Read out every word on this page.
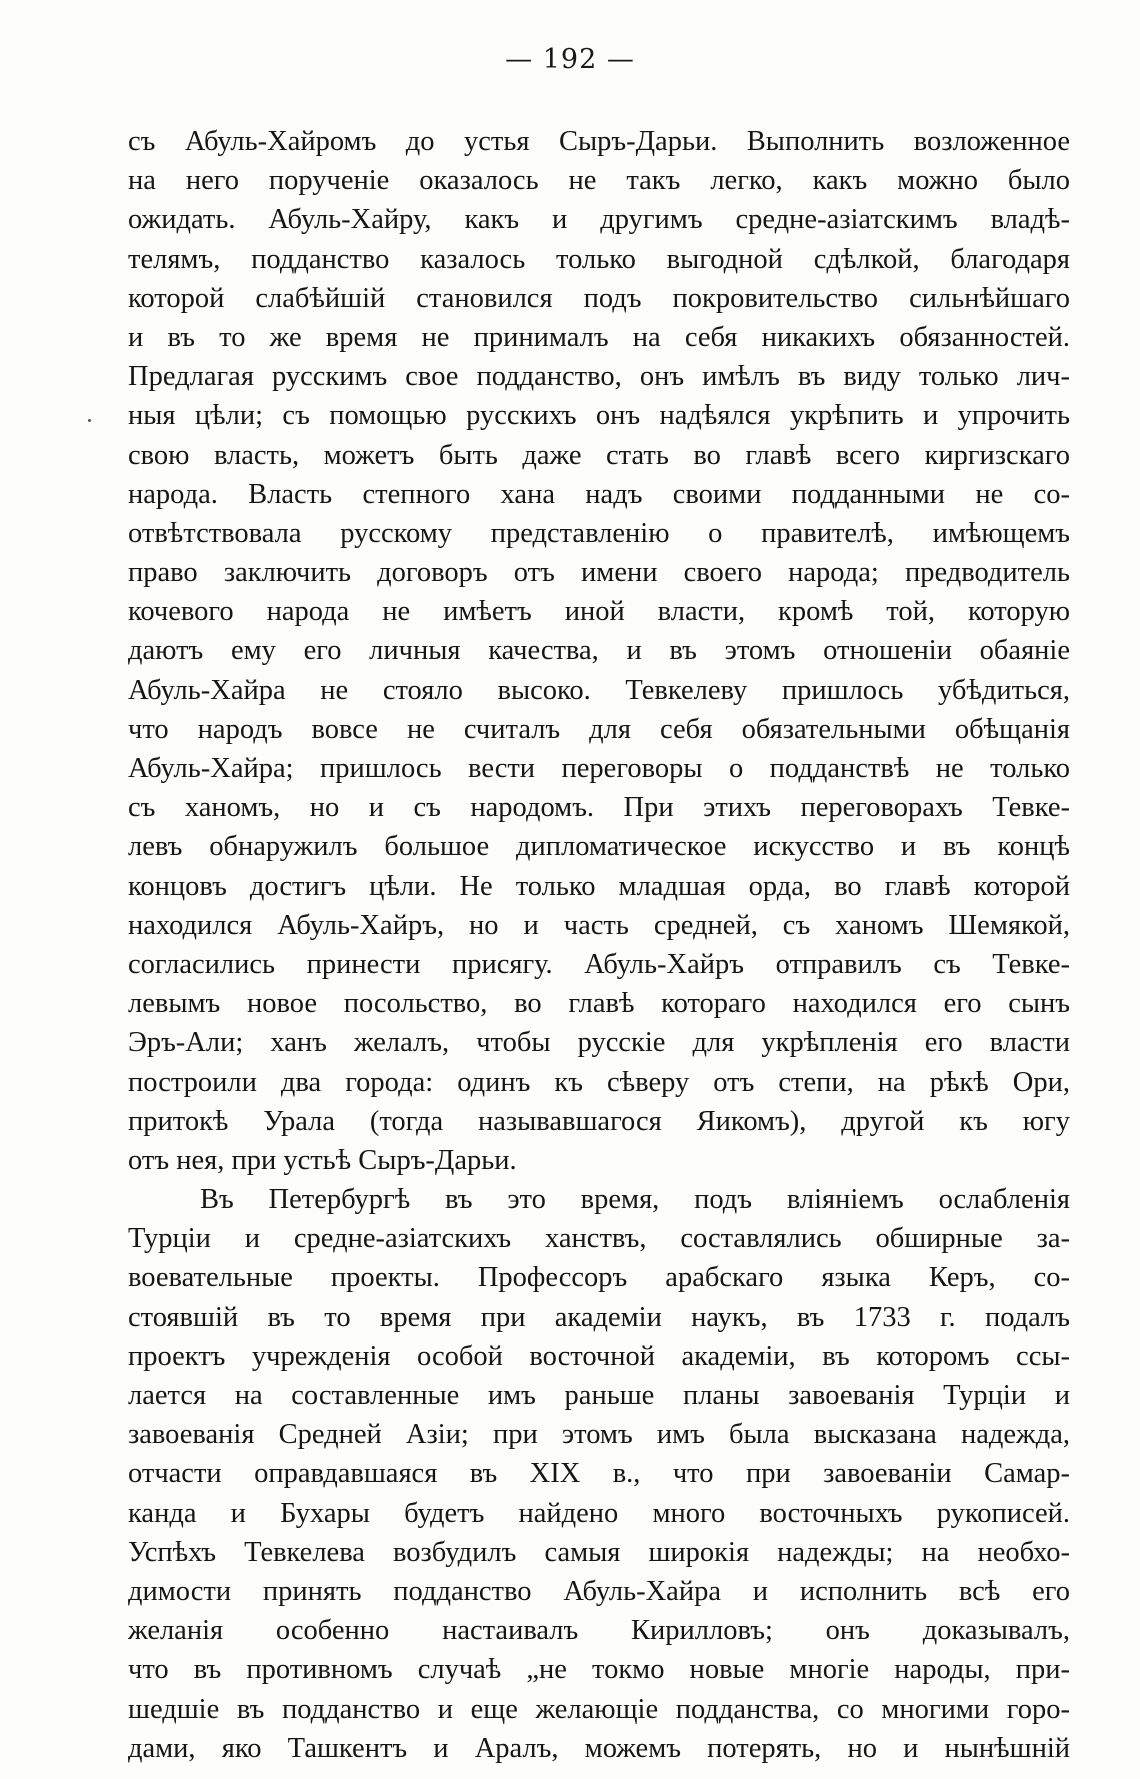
— 192 —
съ Абуль-Хайромъ до устья Сыръ-Дарьи. Выполнить возложенное
на него порученіе оказалось не такъ легко, какъ можно было
ожидать. Абуль-Хайру, какъ и другимъ средне-азіатскимъ владѣ-
телямъ, подданство казалось только выгодной сдѣлкой, благодаря
которой слабѣйшій становился подъ покровительство сильнѣйшаго
и въ то же время не принималъ на себя никакихъ обязанностей.
Предлагая русскимъ свое подданство, онъ имѣлъ въ виду только лич-
ныя цѣли; съ помощью русскихъ онъ надѣялся укрѣпить и упрочить
свою власть, можетъ быть даже стать во главѣ всего киргизскаго
народа. Власть степного хана надъ своими подданными не со-
отвѣтствовала русскому представленію о правителѣ, имѣющемъ
право заключить договоръ отъ имени своего народа; предводитель
кочевого народа не имѣетъ иной власти, кромѣ той, которую
даютъ ему его личныя качества, и въ этомъ отношеніи обаяніе
Абуль-Хайра не стояло высоко. Тевкелеву пришлось убѣдиться,
что народъ вовсе не считалъ для себя обязательными обѣщанія
Абуль-Хайра; пришлось вести переговоры о подданствѣ не только
съ ханомъ, но и съ народомъ. При этихъ переговорахъ Тевке-
левъ обнаружилъ большое дипломатическое искусство и въ концѣ
концовъ достигъ цѣли. Не только младшая орда, во главѣ которой
находился Абуль-Хайръ, но и часть средней, съ ханомъ Шемякой,
согласились принести присягу. Абуль-Хайръ отправилъ съ Тевке-
левымъ новое посольство, во главѣ котораго находился его сынъ
Эръ-Али; ханъ желалъ, чтобы русскіе для укрѣпленія его власти
построили два города: одинъ къ сѣверу отъ степи, на рѣкѣ Ори,
притокѣ Урала (тогда называвшагося Яикомъ), другой къ югу
отъ нея, при устьѣ Сыръ-Дарьи.
Въ Петербургѣ въ это время, подъ вліяніемъ ослабленія
Турціи и средне-азіатскихъ ханствъ, составлялись обширные за-
воевательные проекты. Профессоръ арабскаго языка Керъ, со-
стоявшій въ то время при академіи наукъ, въ 1733 г. подалъ
проектъ учрежденія особой восточной академіи, въ которомъ ссы-
лается на составленные имъ раньше планы завоеванія Турціи и
завоеванія Средней Азіи; при этомъ имъ была высказана надежда,
отчасти оправдавшаяся въ XIX в., что при завоеваніи Самар-
канда и Бухары будетъ найдено много восточныхъ рукописей.
Успѣхъ Тевкелева возбудилъ самыя широкія надежды; на необхо-
димости принять подданство Абуль-Хайра и исполнить всѣ его
желанія особенно настаивалъ Кирилловъ; онъ доказывалъ,
что въ противномъ случаѣ „не токмо новые многіе народы, при-
шедшіе въ подданство и еще желающіе подданства, со многими горо-
дами, яко Ташкентъ и Аралъ, можемъ потерять, но и нынѣшній
